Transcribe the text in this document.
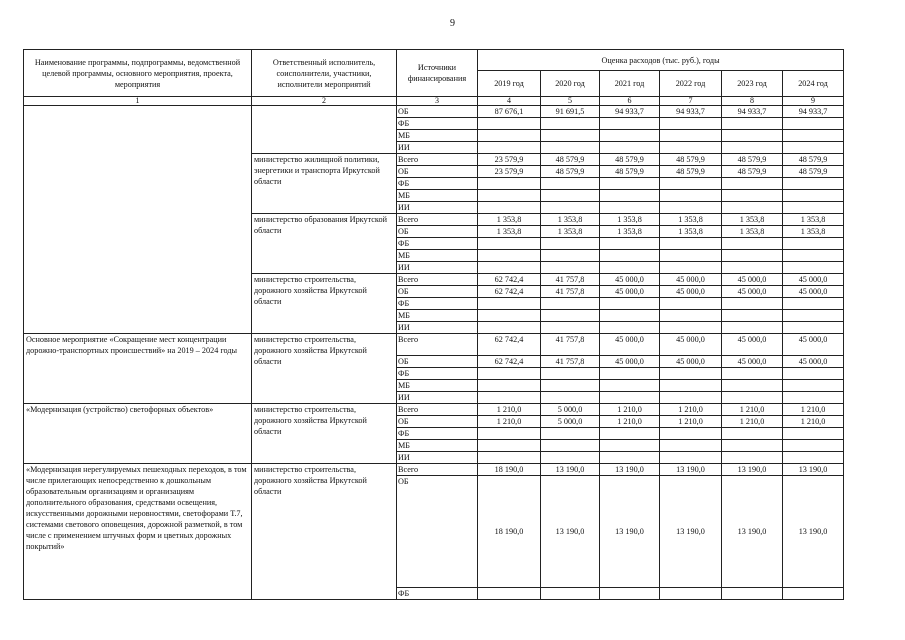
9
Наименование программы, подпрограммы, ведомственной целевой программы, основного мероприятия, проекта, мероприятия	Ответственный исполнитель, соисполнители, участники, исполнители мероприятий	Источники финансирования	Оценка расходов (тыс. руб.), годы					
			2019 год	2020 год	2021 год	2022 год	2023 год	2024 год
1	2	3	4	5	6	7	8	9
		ОБ	87 676,1	91 691,5	94 933,7	94 933,7	94 933,7	94 933,7
		ФБ						
		МБ						
		ИИ						
	министерство жилищной политики, энергетики и транспорта Иркутской области	Всего	23 579,9	48 579,9	48 579,9	48 579,9	48 579,9	48 579,9
		ОБ	23 579,9	48 579,9	48 579,9	48 579,9	48 579,9	48 579,9
		ФБ						
		МБ						
		ИИ						
	министерство образования Иркутской области	Всего	1 353,8	1 353,8	1 353,8	1 353,8	1 353,8	1 353,8
		ОБ	1 353,8	1 353,8	1 353,8	1 353,8	1 353,8	1 353,8
		ФБ						
		МБ						
		ИИ						
	министерство строительства, дорожного хозяйства Иркутской области	Всего	62 742,4	41 757,8	45 000,0	45 000,0	45 000,0	45 000,0
		ОБ	62 742,4	41 757,8	45 000,0	45 000,0	45 000,0	45 000,0
		ФБ						
		МБ						
		ИИ						
Основное мероприятие «Сокращение мест концентрации дорожно-транспортных происшествий» на 2019 – 2024 годы	министерство строительства, дорожного хозяйства Иркутской области	Всего	62 742,4	41 757,8	45 000,0	45 000,0	45 000,0	45 000,0
		ОБ	62 742,4	41 757,8	45 000,0	45 000,0	45 000,0	45 000,0
		ФБ						
		МБ						
		ИИ						
«Модернизация (устройство) светофорных объектов»	министерство строительства, дорожного хозяйства Иркутской области	Всего	1 210,0	5 000,0	1 210,0	1 210,0	1 210,0	1 210,0
		ОБ	1 210,0	5 000,0	1 210,0	1 210,0	1 210,0	1 210,0
		ФБ						
		МБ						
		ИИ						
«Модернизация нерегулируемых пешеходных переходов, в том числе прилегающих непосредственно к дошкольным образовательным организациям и организациям дополнительного образования, средствами освещения, искусственными дорожными неровностями, светофорами Т.7, системами светового оповещения, дорожной разметкой, в том числе с применением штучных форм и цветных дорожных покрытий»	министерство строительства, дорожного хозяйства Иркутской области	Всего	18 190,0	13 190,0	13 190,0	13 190,0	13 190,0	13 190,0
		ОБ	18 190,0	13 190,0	13 190,0	13 190,0	13 190,0	13 190,0
		ФБ						
